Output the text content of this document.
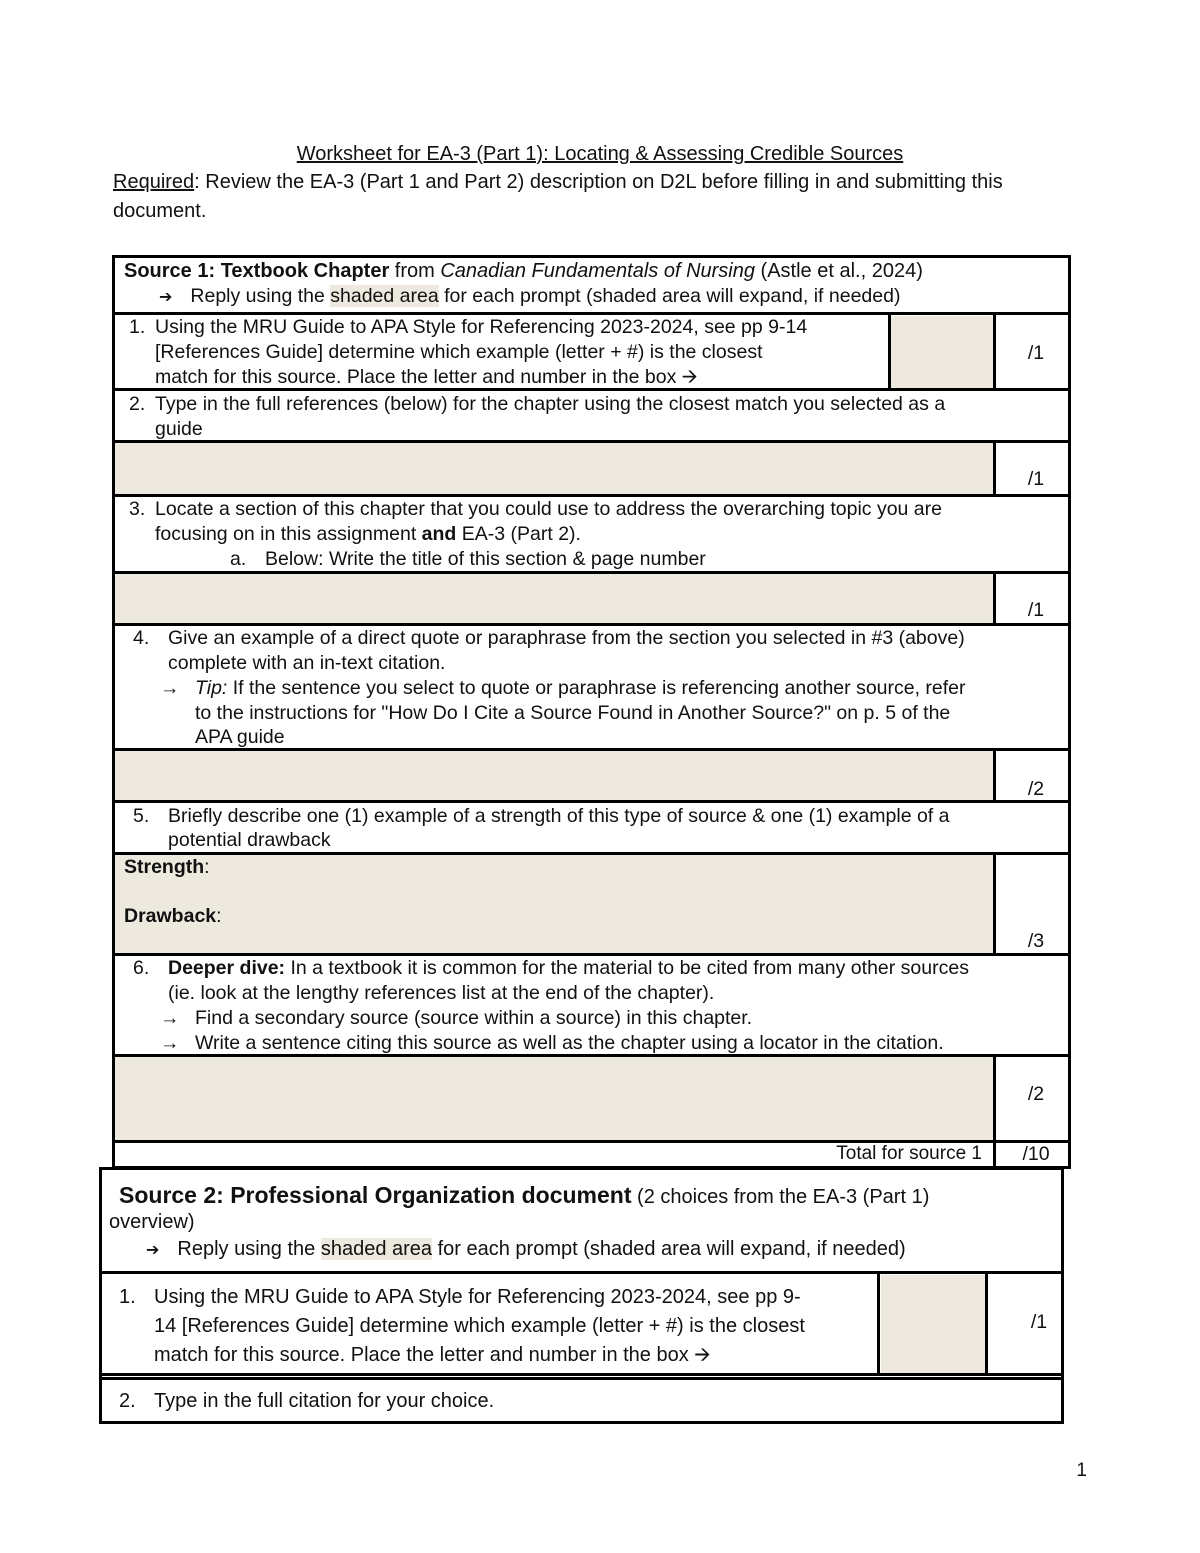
Worksheet for EA-3 (Part 1): Locating & Assessing Credible Sources
Required: Review the EA-3 (Part 1 and Part 2) description on D2L before filling in and submitting this
document.
Source 1: Textbook Chapter from Canadian Fundamentals of Nursing (Astle et al., 2024)
➔ Reply using the shaded area for each prompt (shaded area will expand, if needed)
1. Using the MRU Guide to APA Style for Referencing 2023-2024, see pp 9-14
[References Guide] determine which example (letter + #) is the closest
match for this source. Place the letter and number in the box 🡪
/1
2. Type in the full references (below) for the chapter using the closest match you selected as a
guide
/1
3. Locate a section of this chapter that you could use to address the overarching topic you are
focusing on in this assignment and EA-3 (Part 2).
a. Below: Write the title of this section & page number
/1
4. Give an example of a direct quote or paraphrase from the section you selected in #3 (above)
complete with an in-text citation.
→ Tip: If the sentence you select to quote or paraphrase is referencing another source, refer
to the instructions for "How Do I Cite a Source Found in Another Source?" on p. 5 of the
APA guide
/2
5. Briefly describe one (1) example of a strength of this type of source & one (1) example of a
potential drawback
Strength:
Drawback:
/3
6. Deeper dive: In a textbook it is common for the material to be cited from many other sources
(ie. look at the lengthy references list at the end of the chapter).
→ Find a secondary source (source within a source) in this chapter.
→ Write a sentence citing this source as well as the chapter using a locator in the citation.
/2
Total for source 1	/10
Source 2: Professional Organization document (2 choices from the EA-3 (Part 1)
overview)
➔ Reply using the shaded area for each prompt (shaded area will expand, if needed)
1. Using the MRU Guide to APA Style for Referencing 2023-2024, see pp 9-
14 [References Guide] determine which example (letter + #) is the closest
match for this source. Place the letter and number in the box 🡪
/1
2. Type in the full citation for your choice.
1
